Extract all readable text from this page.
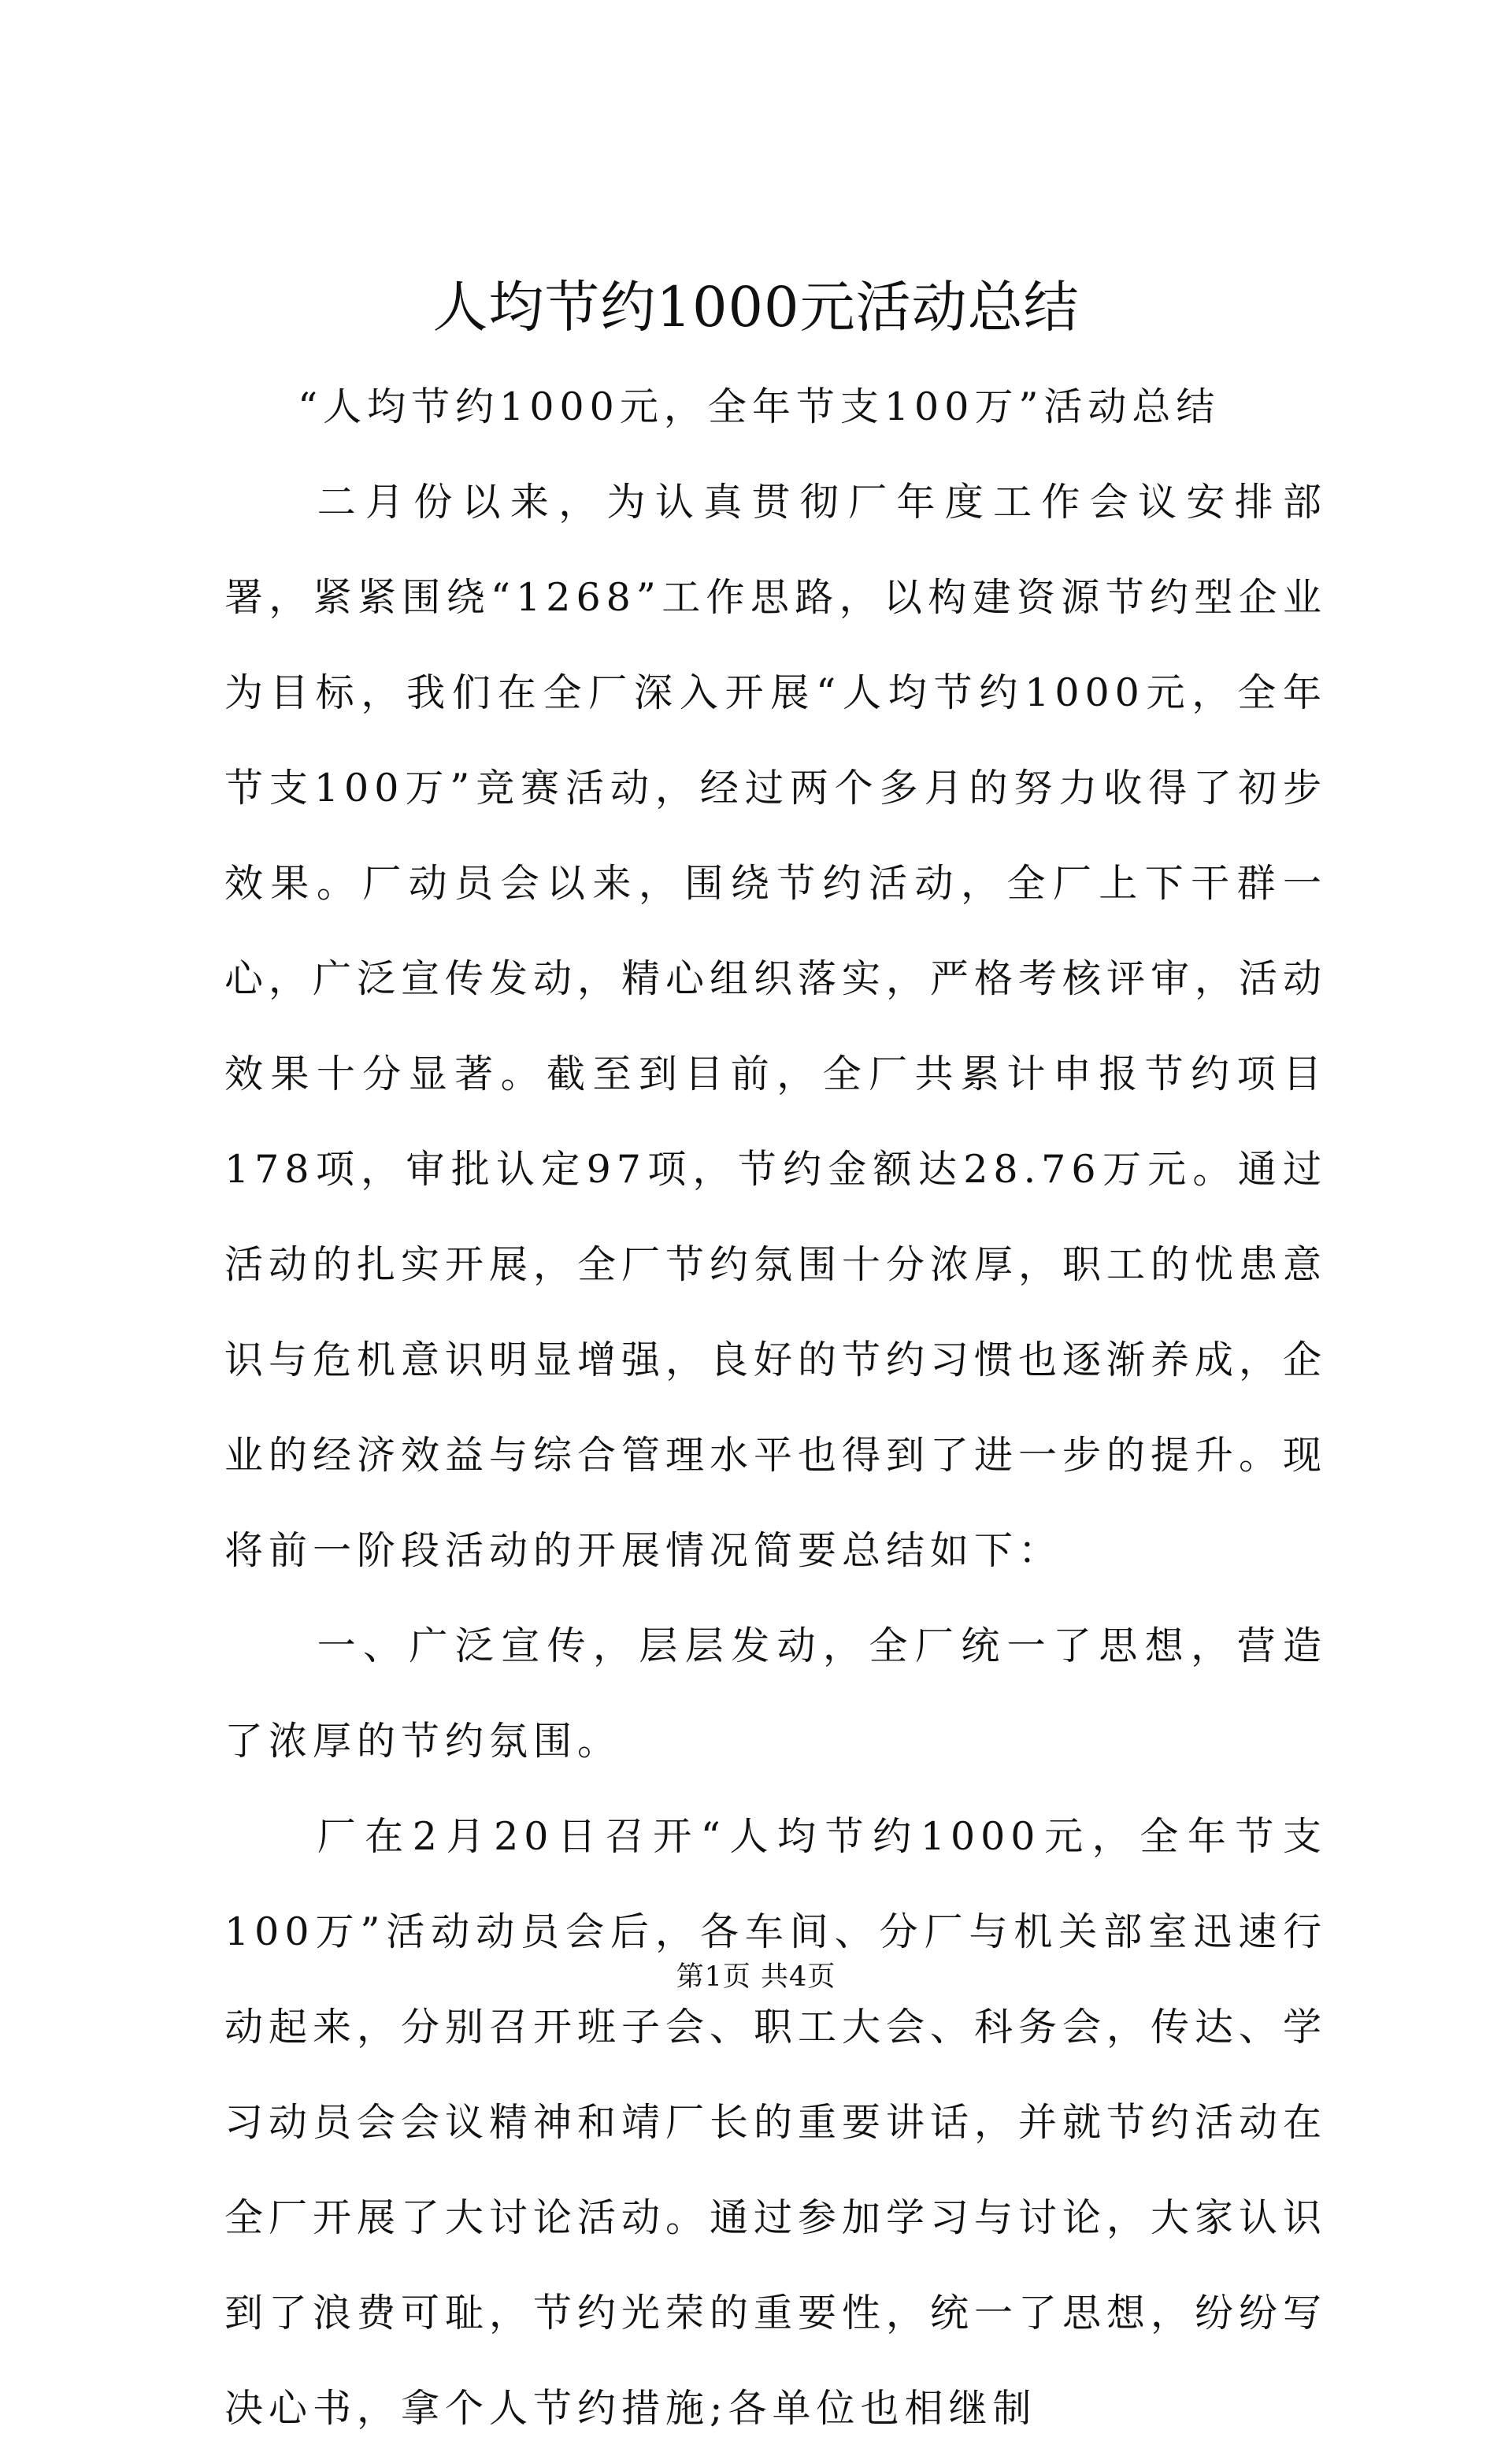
人均节约1000元活动总结

“人均节约1000元，全年节支100万”活动总结

二月份以来，为认真贯彻厂年度工作会议安排部署，紧紧围绕“1268”工作思路，以构建资源节约型企业为目标，我们在全厂深入开展“人均节约1000元，全年节支100万”竞赛活动，经过两个多月的努力收得了初步效果。厂动员会以来，围绕节约活动，全厂上下干群一心，广泛宣传发动，精心组织落实，严格考核评审，活动效果十分显著。截至到目前，全厂共累计申报节约项目178项，审批认定97项，节约金额达28.76万元。通过活动的扎实开展，全厂节约氛围十分浓厚，职工的忧患意识与危机意识明显增强，良好的节约习惯也逐渐养成，企业的经济效益与综合管理水平也得到了进一步的提升。现将前一阶段活动的开展情况简要总结如下：

一、广泛宣传，层层发动，全厂统一了思想，营造了浓厚的节约氛围。

厂在2月20日召开“人均节约1000元，全年节支100万”活动动员会后，各车间、分厂与机关部室迅速行动起来，分别召开班子会、职工大会、科务会，传达、学习动员会会议精神和靖厂长的重要讲话，并就节约活动在全厂开展了大讨论活动。通过参加学习与讨论，大家认识到了浪费可耻，节约光荣的重要性，统一了思想，纷纷写决心书，拿个人节约措施;各单位也相继制

第1页 共4页
